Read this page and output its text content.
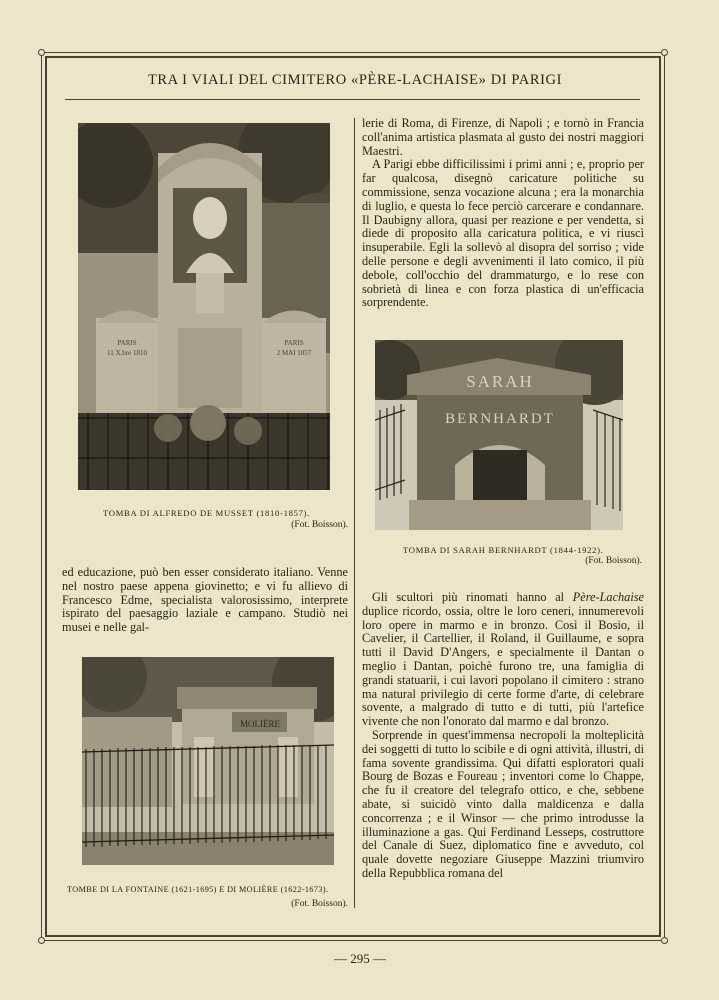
TRA I VIALI DEL CIMITERO «PÈRE-LACHAISE» DI PARIGI
PARIS
11 X.bre 1810
PARIS
2 MAI 1857
TOMBA DI ALFREDO DE MUSSET (1810-1857).
(Fot. Boisson).
SARAH
BERNHARDT
TOMBA DI SARAH BERNHARDT (1844-1922).
(Fot. Boisson).
MOLIÈRE
TOMBE DI LA FONTAINE (1621-1695) E DI MOLIÈRE (1622-1673).
(Fot. Boisson).

lerie di Roma, di Firenze, di Napoli ; e tornò in Francia coll'anima artistica plasmata al gusto dei nostri maggiori Maestri.

A Parigi ebbe difficilissimi i primi anni ; e, proprio per far qualcosa, disegnò caricature politiche su commissione, senza vocazione alcuna ; era la monarchia di luglio, e questa lo fece perciò carcerare e condannare. Il Daubigny allora, quasi per reazione e per vendetta, si diede di proposito alla caricatura politica, e vi riuscì insuperabile. Egli la sollevò al disopra del sorriso ; vide delle persone e degli avvenimenti il lato comico, il più debole, coll'occhio del drammaturgo, e lo rese con sobrietà di linea e con forza plastica di un'efficacia sorprendente.

ed educazione, può ben esser considerato italiano. Venne nel nostro paese appena giovinetto; e vi fu allievo di Francesco Edme, specialista valorosissimo, interprete ispirato del paesaggio laziale e campano. Studiò nei musei e nelle gal-

Gli scultori più rinomati hanno al Père-Lachaise duplice ricordo, ossia, oltre le loro ceneri, innumerevoli loro opere in marmo e in bronzo. Così il Bosio, il Cavelier, il Cartellier, il Roland, il Guillaume, e sopra tutti il David D'Angers, e specialmente il Dantan o meglio i Dantan, poichè furono tre, una famiglia di grandi statuarii, i cui lavori popolano il cimitero : strano ma natural privilegio di certe forme d'arte, di celebrare sovente, a malgrado di tutto e di tutti, più l'artefice vivente che non l'onorato dal marmo e dal bronzo.

Sorprende in quest'immensa necropoli la molteplicità dei soggetti di tutto lo scibile e di ogni attività, illustri, di fama sovente grandissima. Qui difatti esploratori quali Bourg de Bozas e Foureau ; inventori come lo Chappe, che fu il creatore del telegrafo ottico, e che, sebbene abate, si suicidò vinto dalla maldicenza e dalla concorrenza ; e il Winsor — che primo introdusse la illuminazione a gas. Qui Ferdinand Lesseps, costruttore del Canale di Suez, diplomatico fine e avveduto, col quale dovette negoziare Giuseppe Mazzini triumviro della Repubblica romana del

— 295 —
